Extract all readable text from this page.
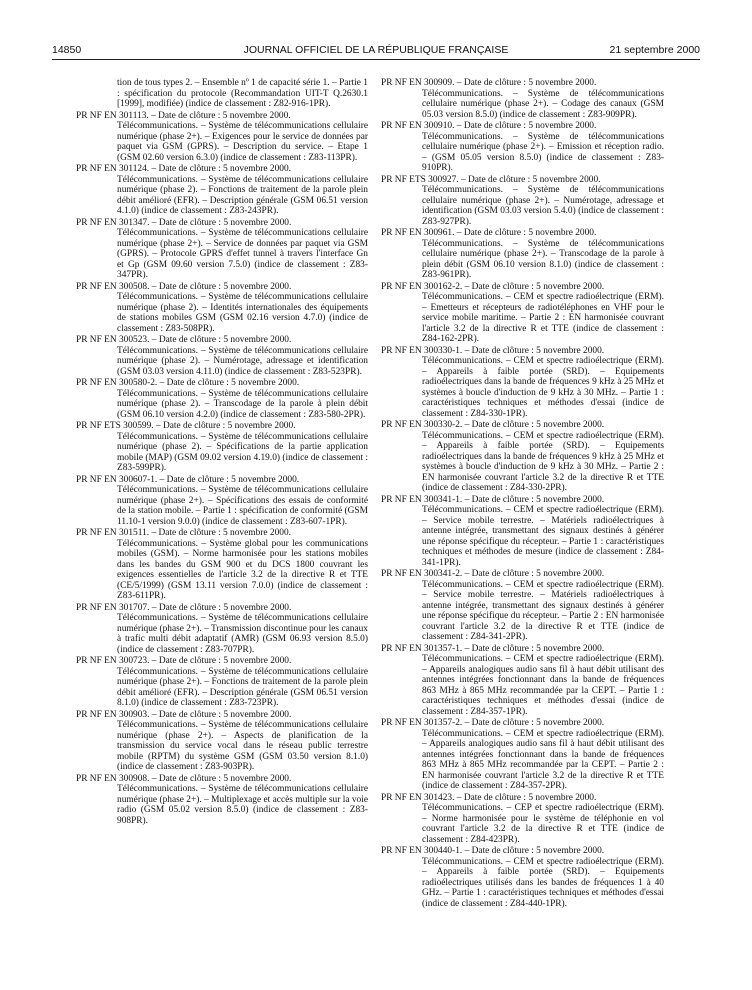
14850	JOURNAL OFFICIEL DE LA RÉPUBLIQUE FRANÇAISE	21 septembre 2000
tion de tous types 2. – Ensemble nº 1 de capacité série 1. – Partie 1 : spécification du protocole (Recommandation UIT-T Q.2630.1 [1999], modifiée) (indice de classement : Z82-916-1PR).
PR NF EN 301113. – Date de clôture : 5 novembre 2000.
Télécommunications. – Système de télécommunications cellulaire numérique (phase 2+). – Exigences pour le service de données par paquet via GSM (GPRS). – Description du service. – Etape 1 (GSM 02.60 version 6.3.0) (indice de classement : Z83-113PR).
PR NF EN 301124. – Date de clôture : 5 novembre 2000.
Télécommunications. – Système de télécommunications cellulaire numérique (phase 2). – Fonctions de traitement de la parole plein débit amélioré (EFR). – Description générale (GSM 06.51 version 4.1.0) (indice de classement : Z83-243PR).
PR NF EN 301347. – Date de clôture : 5 novembre 2000.
Télécommunications. – Système de télécommunications cellulaire numérique (phase 2+). – Service de données par paquet via GSM (GPRS). – Protocole GPRS d'effet tunnel à travers l'interface Gn et Gp (GSM 09.60 version 7.5.0) (indice de classement : Z83-347PR).
PR NF EN 300508. – Date de clôture : 5 novembre 2000.
Télécommunications. – Système de télécommunications cellulaire numérique (phase 2). – Identités internationales des équipements de stations mobiles GSM (GSM 02.16 version 4.7.0) (indice de classement : Z83-508PR).
PR NF EN 300523. – Date de clôture : 5 novembre 2000.
Télécommunications. – Système de télécommunications cellulaire numérique (phase 2). – Numérotage, adressage et identification (GSM 03.03 version 4.11.0) (indice de classement : Z83-523PR).
PR NF EN 300580-2. – Date de clôture : 5 novembre 2000.
Télécommunications. – Système de télécommunications cellulaire numérique (phase 2). – Transcodage de la parole à plein débit (GSM 06.10 version 4.2.0) (indice de classement : Z83-580-2PR).
PR NF ETS 300599. – Date de clôture : 5 novembre 2000.
Télécommunications. – Système de télécommunications cellulaire numérique (phase 2). – Spécifications de la partie application mobile (MAP) (GSM 09.02 version 4.19.0) (indice de classement : Z83-599PR).
PR NF EN 300607-1. – Date de clôture : 5 novembre 2000.
Télécommunications. – Système de télécommunications cellulaire numérique (phase 2+). – Spécifications des essais de conformité de la station mobile. – Partie 1 : spécification de conformité (GSM 11.10-1 version 9.0.0) (indice de classement : Z83-607-1PR).
PR NF EN 301511. – Date de clôture : 5 novembre 2000.
Télécommunications. – Système global pour les communications mobiles (GSM). – Norme harmonisée pour les stations mobiles dans les bandes du GSM 900 et du DCS 1800 couvrant les exigences essentielles de l'article 3.2 de la directive R et TTE (CE/5/1999) (GSM 13.11 version 7.0.0) (indice de classement : Z83-611PR).
PR NF EN 301707. – Date de clôture : 5 novembre 2000.
Télécommunications. – Système de télécommunications cellulaire numérique (phase 2+). – Transmission discontinue pour les canaux à trafic multi débit adaptatif (AMR) (GSM 06.93 version 8.5.0) (indice de classement : Z83-707PR).
PR NF EN 300723. – Date de clôture : 5 novembre 2000.
Télécommunications. – Système de télécommunications cellulaire numérique (phase 2+). – Fonctions de traitement de la parole plein débit amélioré (EFR). – Description générale (GSM 06.51 version 8.1.0) (indice de classement : Z83-723PR).
PR NF EN 300903. – Date de clôture : 5 novembre 2000.
Télécommunications. – Système de télécommunications cellulaire numérique (phase 2+). – Aspects de planification de la transmission du service vocal dans le réseau public terrestre mobile (RPTM) du système GSM (GSM 03.50 version 8.1.0) (indice de classement : Z83-903PR).
PR NF EN 300908. – Date de clôture : 5 novembre 2000.
Télécommunications. – Système de télécommunications cellulaire numérique (phase 2+). – Multiplexage et accès multiple sur la voie radio (GSM 05.02 version 8.5.0) (indice de classement : Z83-908PR).
PR NF EN 300909. – Date de clôture : 5 novembre 2000.
Télécommunications. – Système de télécommunications cellulaire numérique (phase 2+). – Codage des canaux (GSM 05.03 version 8.5.0) (indice de classement : Z83-909PR).
PR NF EN 300910. – Date de clôture : 5 novembre 2000.
Télécommunications. – Système de télécommunications cellulaire numérique (phase 2+). – Emission et réception radio. – (GSM 05.05 version 8.5.0) (indice de classement : Z83-910PR).
PR NF ETS 300927. – Date de clôture : 5 novembre 2000.
Télécommunications. – Système de télécommunications cellulaire numérique (phase 2+). – Numérotage, adressage et identification (GSM 03.03 version 5.4.0) (indice de classement : Z83-927PR).
PR NF EN 300961. – Date de clôture : 5 novembre 2000.
Télécommunications. – Système de télécommunications cellulaire numérique (phase 2+). – Transcodage de la parole à plein débit (GSM 06.10 version 8.1.0) (indice de classement : Z83-961PR).
PR NF EN 300162-2. – Date de clôture : 5 novembre 2000.
Télécommunications. – CEM et spectre radioélectrique (ERM). – Emetteurs et récepteurs de radiotéléphones en VHF pour le service mobile maritime. – Partie 2 : EN harmonisée couvrant l'article 3.2 de la directive R et TTE (indice de classement : Z84-162-2PR).
PR NF EN 300330-1. – Date de clôture : 5 novembre 2000.
Télécommunications. – CEM et spectre radioélectrique (ERM). – Appareils à faible portée (SRD). – Equipements radioélectriques dans la bande de fréquences 9 kHz à 25 MHz et systèmes à boucle d'induction de 9 kHz à 30 MHz. – Partie 1 : caractéristiques techniques et méthodes d'essai (indice de classement : Z84-330-1PR).
PR NF EN 300330-2. – Date de clôture : 5 novembre 2000.
Télécommunications. – CEM et spectre radioélectrique (ERM). – Appareils à faible portée (SRD). – Equipements radioélectriques dans la bande de fréquences 9 kHz à 25 MHz et systèmes à boucle d'induction de 9 kHz à 30 MHz. – Partie 2 : EN harmonisée couvrant l'article 3.2 de la directive R et TTE (indice de classement : Z84-330-2PR).
PR NF EN 300341-1. – Date de clôture : 5 novembre 2000.
Télécommunications. – CEM et spectre radioélectrique (ERM). – Service mobile terrestre. – Matériels radioélectriques à antenne intégrée, transmettant des signaux destinés à générer une réponse spécifique du récepteur. – Partie 1 : caractéristiques techniques et méthodes de mesure (indice de classement : Z84-341-1PR).
PR NF EN 300341-2. – Date de clôture : 5 novembre 2000.
Télécommunications. – CEM et spectre radioélectrique (ERM). – Service mobile terrestre. – Matériels radioélectriques à antenne intégrée, transmettant des signaux destinés à générer une réponse spécifique du récepteur. – Partie 2 : EN harmonisée couvrant l'article 3.2 de la directive R et TTE (indice de classement : Z84-341-2PR).
PR NF EN 301357-1. – Date de clôture : 5 novembre 2000.
Télécommunications. – CEM et spectre radioélectrique (ERM). – Appareils analogiques audio sans fil à haut débit utilisant des antennes intégrées fonctionnant dans la bande de fréquences 863 MHz à 865 MHz recommandée par la CEPT. – Partie 1 : caractéristiques techniques et méthodes d'essai (indice de classement : Z84-357-1PR).
PR NF EN 301357-2. – Date de clôture : 5 novembre 2000.
Télécommunications. – CEM et spectre radioélectrique (ERM). – Appareils analogiques audio sans fil à haut débit utilisant des antennes intégrées fonctionnant dans la bande de fréquences 863 MHz à 865 MHz recommandée par la CEPT. – Partie 2 : EN harmonisée couvrant l'article 3.2 de la directive R et TTE (indice de classement : Z84-357-2PR).
PR NF EN 301423. – Date de clôture : 5 novembre 2000.
Télécommunications. – CEP et spectre radioélectrique (ERM). – Norme harmonisée pour le système de téléphonie en vol couvrant l'article 3.2 de la directive R et TTE (indice de classement : Z84-423PR).
PR NF EN 300440-1. – Date de clôture : 5 novembre 2000.
Télécommunications. – CEM et spectre radioélectrique (ERM). – Appareils à faible portée (SRD). – Equipements radioélectriques utilisés dans les bandes de fréquences 1 à 40 GHz. – Partie 1 : caractéristiques techniques et méthodes d'essai (indice de classement : Z84-440-1PR).
